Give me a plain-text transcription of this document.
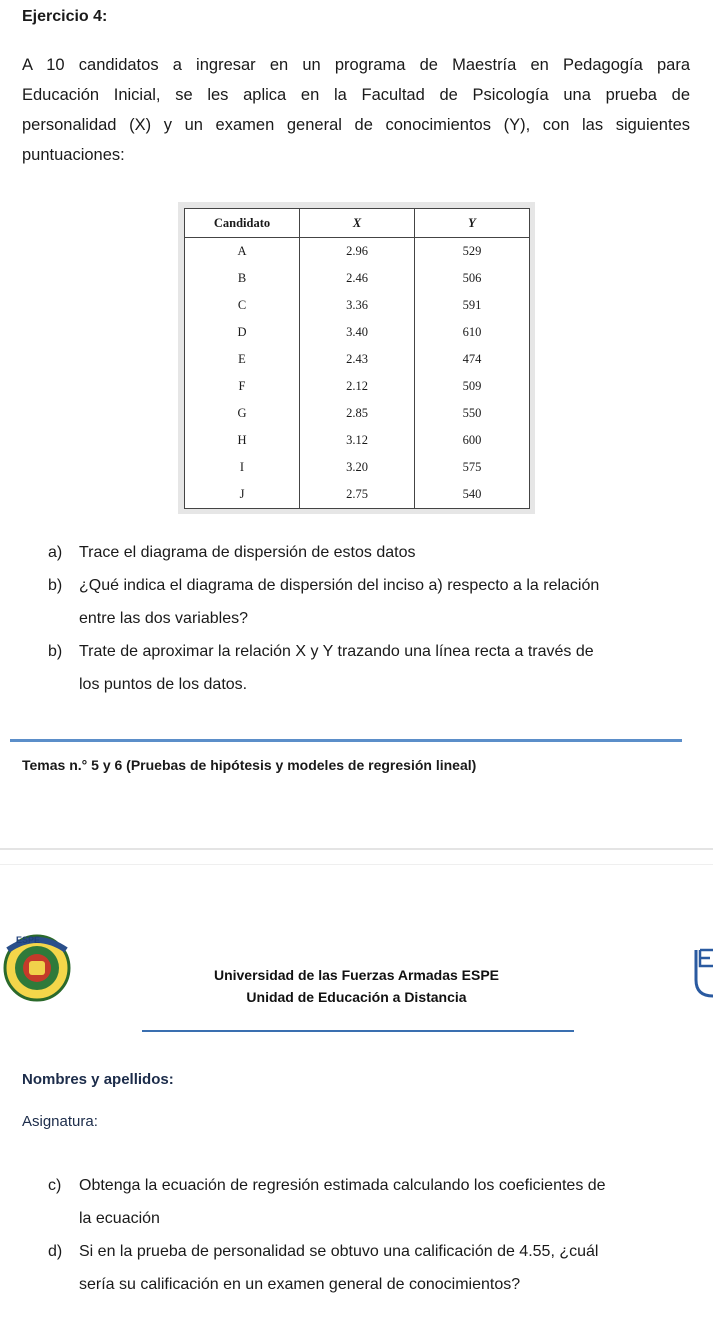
Ejercicio 4:
A 10 candidatos a ingresar en un programa de Maestría en Pedagogía para
Educación Inicial, se les aplica en la Facultad de Psicología una prueba de
personalidad (X) y un examen general de conocimientos (Y), con las siguientes
puntuaciones:
Candidato	X	Y
A	2.96	529
B	2.46	506
C	3.36	591
D	3.40	610
E	2.43	474
F	2.12	509
G	2.85	550
H	3.12	600
I	3.20	575
J	2.75	540
a) Trace el diagrama de dispersión de estos datos
b) ¿Qué indica el diagrama de dispersión del inciso a) respecto a la relación
entre las dos variables?
b) Trate de aproximar la relación X y Y trazando una línea recta a través de
los puntos de los datos.
Temas n.° 5 y 6 (Pruebas de hipótesis y modeles de regresión lineal)
ESPE
Universidad de las Fuerzas Armadas ESPE
Unidad de Educación a Distancia
Nombres y apellidos:
Asignatura:
c) Obtenga la ecuación de regresión estimada calculando los coeficientes de
la ecuación
d) Si en la prueba de personalidad se obtuvo una calificación de 4.55, ¿cuál
sería su calificación en un examen general de conocimientos?
